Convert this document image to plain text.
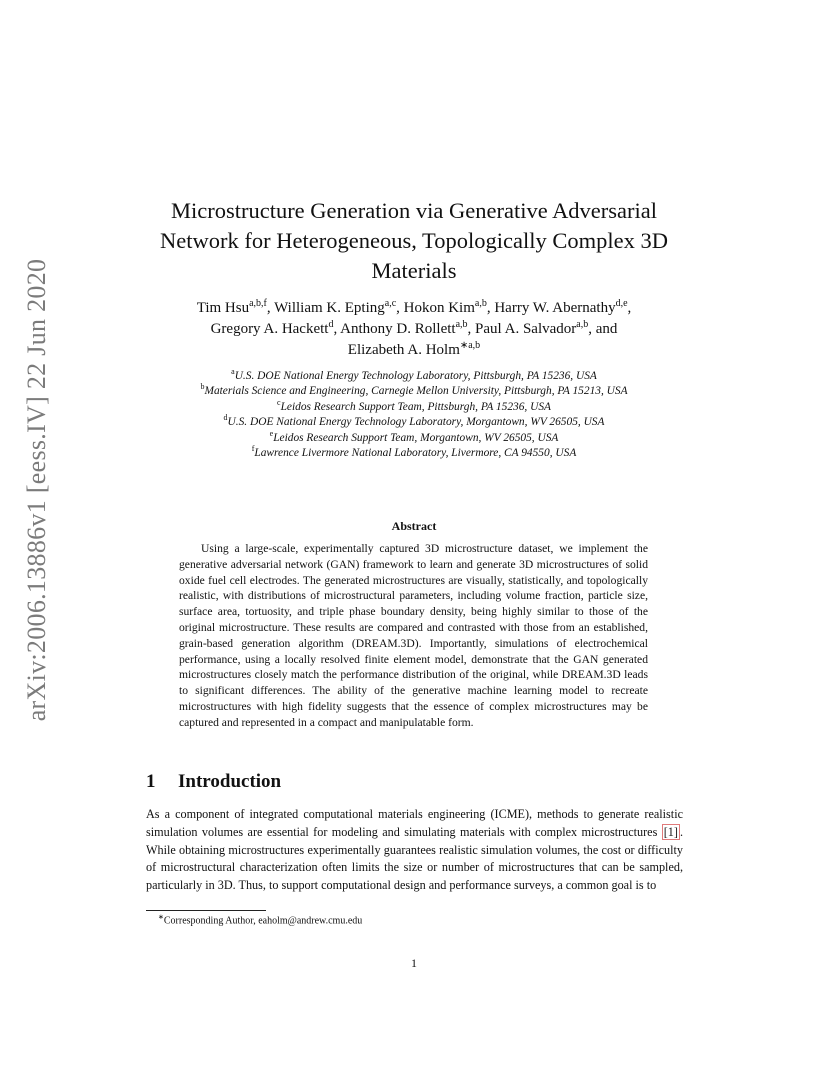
arXiv:2006.13886v1 [eess.IV] 22 Jun 2020
Microstructure Generation via Generative Adversarial Network for Heterogeneous, Topologically Complex 3D Materials
Tim Hsu$^{a,b,f}$, William K. Epting$^{a,c}$, Hokon Kim$^{a,b}$, Harry W. Abernathy$^{d,e}$,
Gregory A. Hackett$^d$, Anthony D. Rollett$^{a,b}$, Paul A. Salvador$^{a,b}$, and
Elizabeth A. Holm$^{∗a,b}$
$^a$U.S. DOE National Energy Technology Laboratory, Pittsburgh, PA 15236, USA
$^b$Materials Science and Engineering, Carnegie Mellon University, Pittsburgh, PA 15213, USA
$^c$Leidos Research Support Team, Pittsburgh, PA 15236, USA
$^d$U.S. DOE National Energy Technology Laboratory, Morgantown, WV 26505, USA
$^e$Leidos Research Support Team, Morgantown, WV 26505, USA
$^f$Lawrence Livermore National Laboratory, Livermore, CA 94550, USA
Abstract

Using a large-scale, experimentally captured 3D microstructure dataset, we implement the generative adversarial network (GAN) framework to learn and generate 3D microstructures of solid oxide fuel cell electrodes. The generated microstructures are visually, statistically, and topologically realistic, with distributions of microstructural parameters, including volume fraction, particle size, surface area, tortuosity, and triple phase boundary density, being highly similar to those of the original microstructure. These results are compared and contrasted with those from an established, grain-based generation algorithm (DREAM.3D). Importantly, simulations of electrochemical performance, using a locally resolved finite element model, demonstrate that the GAN generated microstructures closely match the performance distribution of the original, while DREAM.3D leads to significant differences. The ability of the generative machine learning model to recreate microstructures with high fidelity suggests that the essence of complex microstructures may be captured and represented in a compact and manipulatable form.

1 Introduction

As a component of integrated computational materials engineering (ICME), methods to generate realistic simulation volumes are essential for modeling and simulating materials with complex microstructures [1] . While obtaining microstructures experimentally guarantees realistic simulation volumes, the cost or difficulty of microstructural characterization often limits the size or number of microstructures that can be sampled, particularly in 3D. Thus, to support computational design and performance surveys, a common goal is to

∗Corresponding Author, eaholm@andrew.cmu.edu
1
